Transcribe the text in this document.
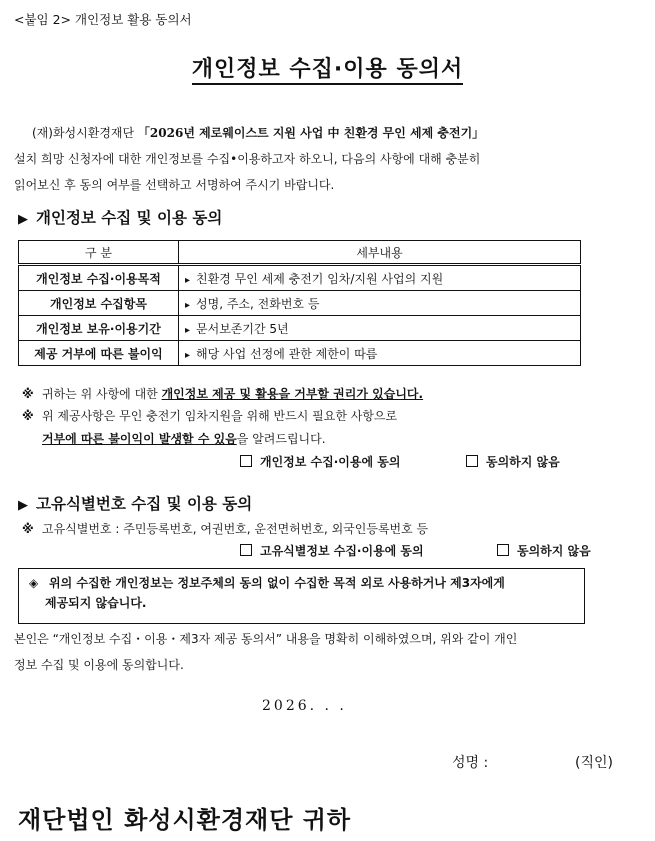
<붙임 2> 개인정보 활용 동의서
개인정보 수집·이용 동의서
(재)화성시환경재단 「2026년 제로웨이스트 지원 사업 中 친환경 무인 세제 충전기」
설치 희망 신청자에 대한 개인정보를 수집•이용하고자 하오니, 다음의 사항에 대해 충분히
읽어보신 후 동의 여부를 선택하고 서명하여 주시기 바랍니다.
▶ 개인정보 수집 및 이용 동의
구 분	세부내용
개인정보 수집·이용목적	▸ 친환경 무인 세제 충전기 임차/지원 사업의 지원
개인정보 수집항목	▸ 성명, 주소, 전화번호 등
개인정보 보유·이용기간	▸ 문서보존기간 5년
제공 거부에 따른 불이익	▸ 해당 사업 선정에 관한 제한이 따름
※ 귀하는 위 사항에 대한 개인정보 제공 및 활용을 거부할 권리가 있습니다.
※ 위 제공사항은 무인 충전기 임차지원을 위해 반드시 필요한 사항으로
거부에 따른 불이익이 발생할 수 있음을 알려드립니다.
개인정보 수집·이용에 동의	동의하지 않음
▶ 고유식별번호 수집 및 이용 동의
※ 고유식별번호 : 주민등록번호, 여권번호, 운전면허번호, 외국인등록번호 등
고유식별정보 수집·이용에 동의	동의하지 않음
◈ 위의 수집한 개인정보는 정보주체의 동의 없이 수집한 목적 외로 사용하거나 제3자에게
제공되지 않습니다.
본인은 “개인정보 수집・이용・제3자 제공 동의서” 내용을 명확히 이해하였으며, 위와 같이 개인
정보 수집 및 이용에 동의합니다.
2026. . .
성명 :	(직인)
재단법인 화성시환경재단 귀하
